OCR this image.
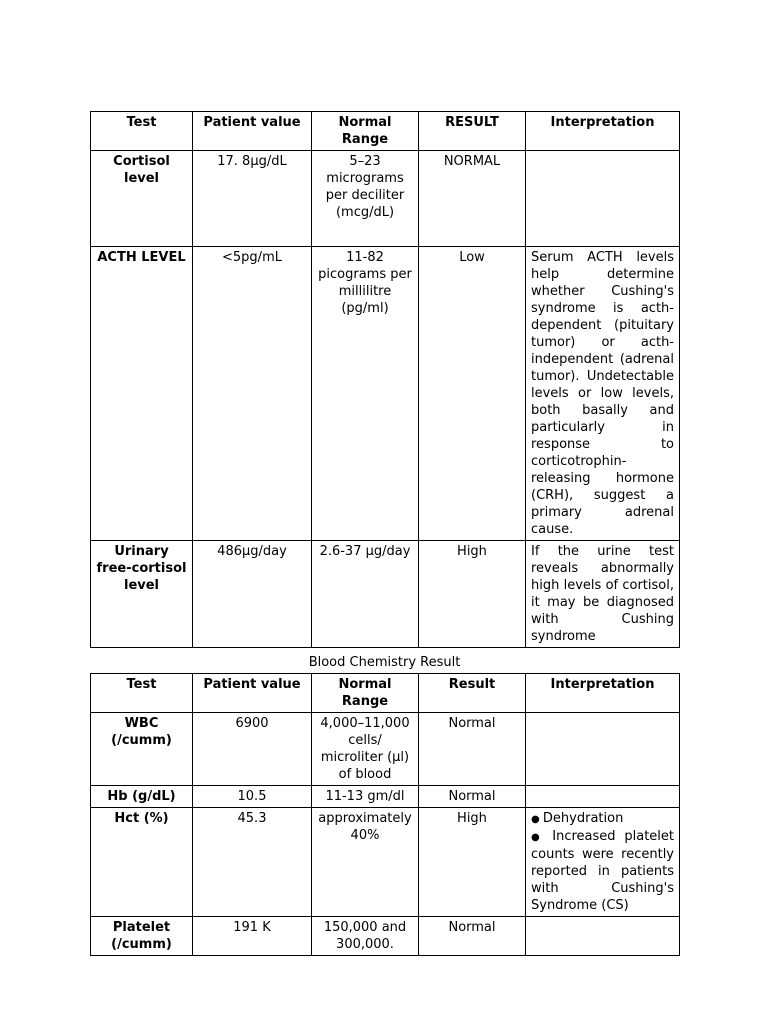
Test	Patient value	Normal Range	RESULT	Interpretation
Cortisol level	17. 8µg/dL	5–23 micrograms per deciliter (mcg/dL)	NORMAL	
ACTH LEVEL	<5pg/mL	11-82 picograms per millilitre (pg/ml)	Low	Serum ACTH levels help determine whether Cushing's syndrome is acth-dependent (pituitary tumor) or acth-independent (adrenal tumor). Undetectable levels or low levels, both basally and particularly in response to corticotrophin-releasing hormone (CRH), suggest a primary adrenal cause.
Urinary free-cortisol level	486µg/day	2.6-37 µg/day	High	If the urine test reveals abnormally high levels of cortisol, it may be diagnosed with Cushing syndrome
Blood Chemistry Result
Test	Patient value	Normal Range	Result	Interpretation
WBC (/cumm)	6900	4,000–11,000 cells/ microliter (µl) of blood	Normal	
Hb (g/dL)	10.5	11-13 gm/dl	Normal	
Hct (%)	45.3	approximately 40%	High	● Dehydration
● Increased platelet counts were recently reported in patients with Cushing's Syndrome (CS)

Platelet (/cumm)	191 K	150,000 and 300,000.	Normal	
